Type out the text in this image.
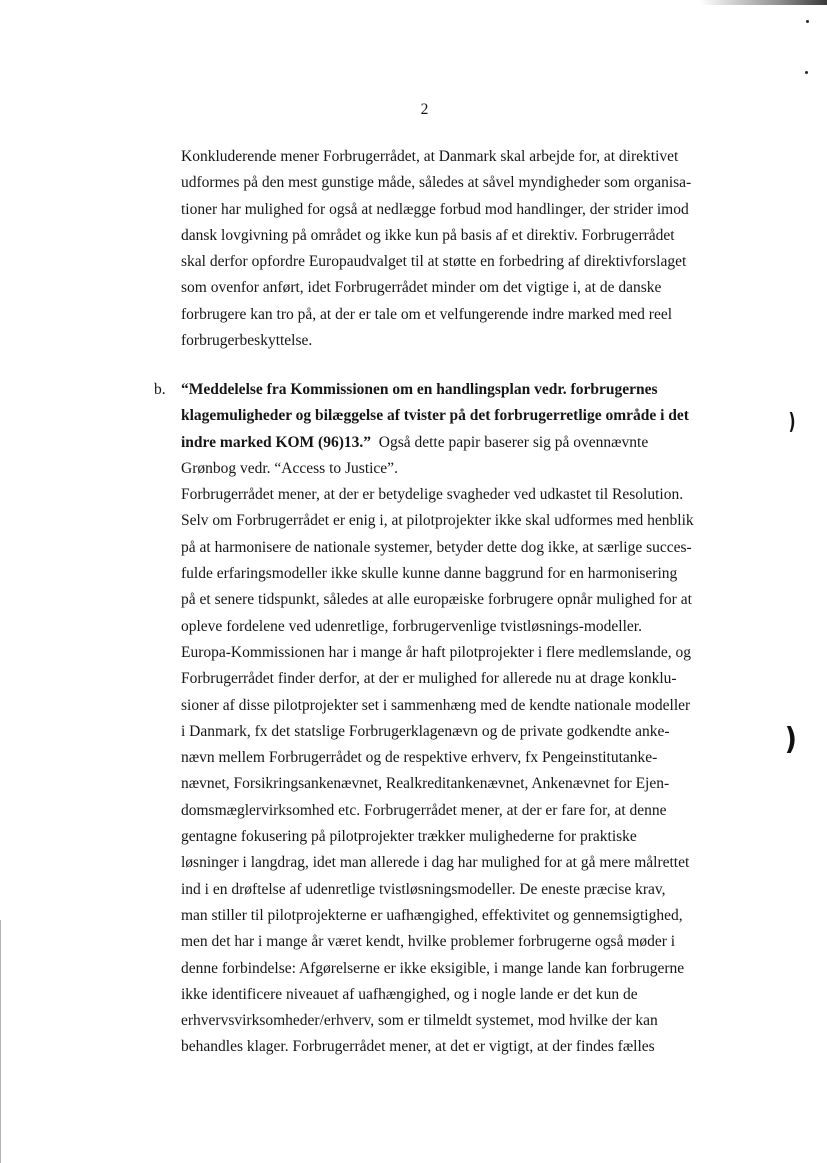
)
)

2

Konkluderende mener Forbrugerrådet, at Danmark skal arbejde for, at direktivet
udformes på den mest gunstige måde, således at såvel myndigheder som organisa-
tioner har mulighed for også at nedlægge forbud mod handlinger, der strider imod
dansk lovgivning på området og ikke kun på basis af et direktiv. Forbrugerrådet
skal derfor opfordre Europaudvalget til at støtte en forbedring af direktivforslaget
som ovenfor anført, idet Forbrugerrådet minder om det vigtige i, at de danske
forbrugere kan tro på, at der er tale om et velfungerende indre marked med reel
forbrugerbeskyttelse.

b. “Meddelelse fra Kommissionen om en handlingsplan vedr. forbrugernes
klagemuligheder og bilæggelse af tvister på det forbrugerretlige område i det
indre marked KOM (96)13.”  Også dette papir baserer sig på ovennævnte
Grønbog vedr. “Access to Justice”.
Forbrugerrådet mener, at der er betydelige svagheder ved udkastet til Resolution.
Selv om Forbrugerrådet er enig i, at pilotprojekter ikke skal udformes med henblik
på at harmonisere de nationale systemer, betyder dette dog ikke, at særlige succes-
fulde erfaringsmodeller ikke skulle kunne danne baggrund for en harmonisering
på et senere tidspunkt, således at alle europæiske forbrugere opnår mulighed for at
opleve fordelene ved udenretlige, forbrugervenlige tvistløsnings-modeller.
Europa-Kommissionen har i mange år haft pilotprojekter i flere medlemslande, og
Forbrugerrådet finder derfor, at der er mulighed for allerede nu at drage konklu-
sioner af disse pilotprojekter set i sammenhæng med de kendte nationale modeller
i Danmark, fx det statslige Forbrugerklagenævn og de private godkendte anke-
nævn mellem Forbrugerrådet og de respektive erhverv, fx Pengeinstitutanke-
nævnet, Forsikringsankenævnet, Realkreditankenævnet, Ankenævnet for Ejen-
domsmæglervirksomhed etc. Forbrugerrådet mener, at der er fare for, at denne
gentagne fokusering på pilotprojekter trækker mulighederne for praktiske
løsninger i langdrag, idet man allerede i dag har mulighed for at gå mere målrettet
ind i en drøftelse af udenretlige tvistløsningsmodeller. De eneste præcise krav,
man stiller til pilotprojekterne er uafhængighed, effektivitet og gennemsigtighed,
men det har i mange år været kendt, hvilke problemer forbrugerne også møder i
denne forbindelse: Afgørelserne er ikke eksigible, i mange lande kan forbrugerne
ikke identificere niveauet af uafhængighed, og i nogle lande er det kun de
erhvervsvirksomheder/erhverv, som er tilmeldt systemet, mod hvilke der kan
behandles klager. Forbrugerrådet mener, at det er vigtigt, at der findes fælles
